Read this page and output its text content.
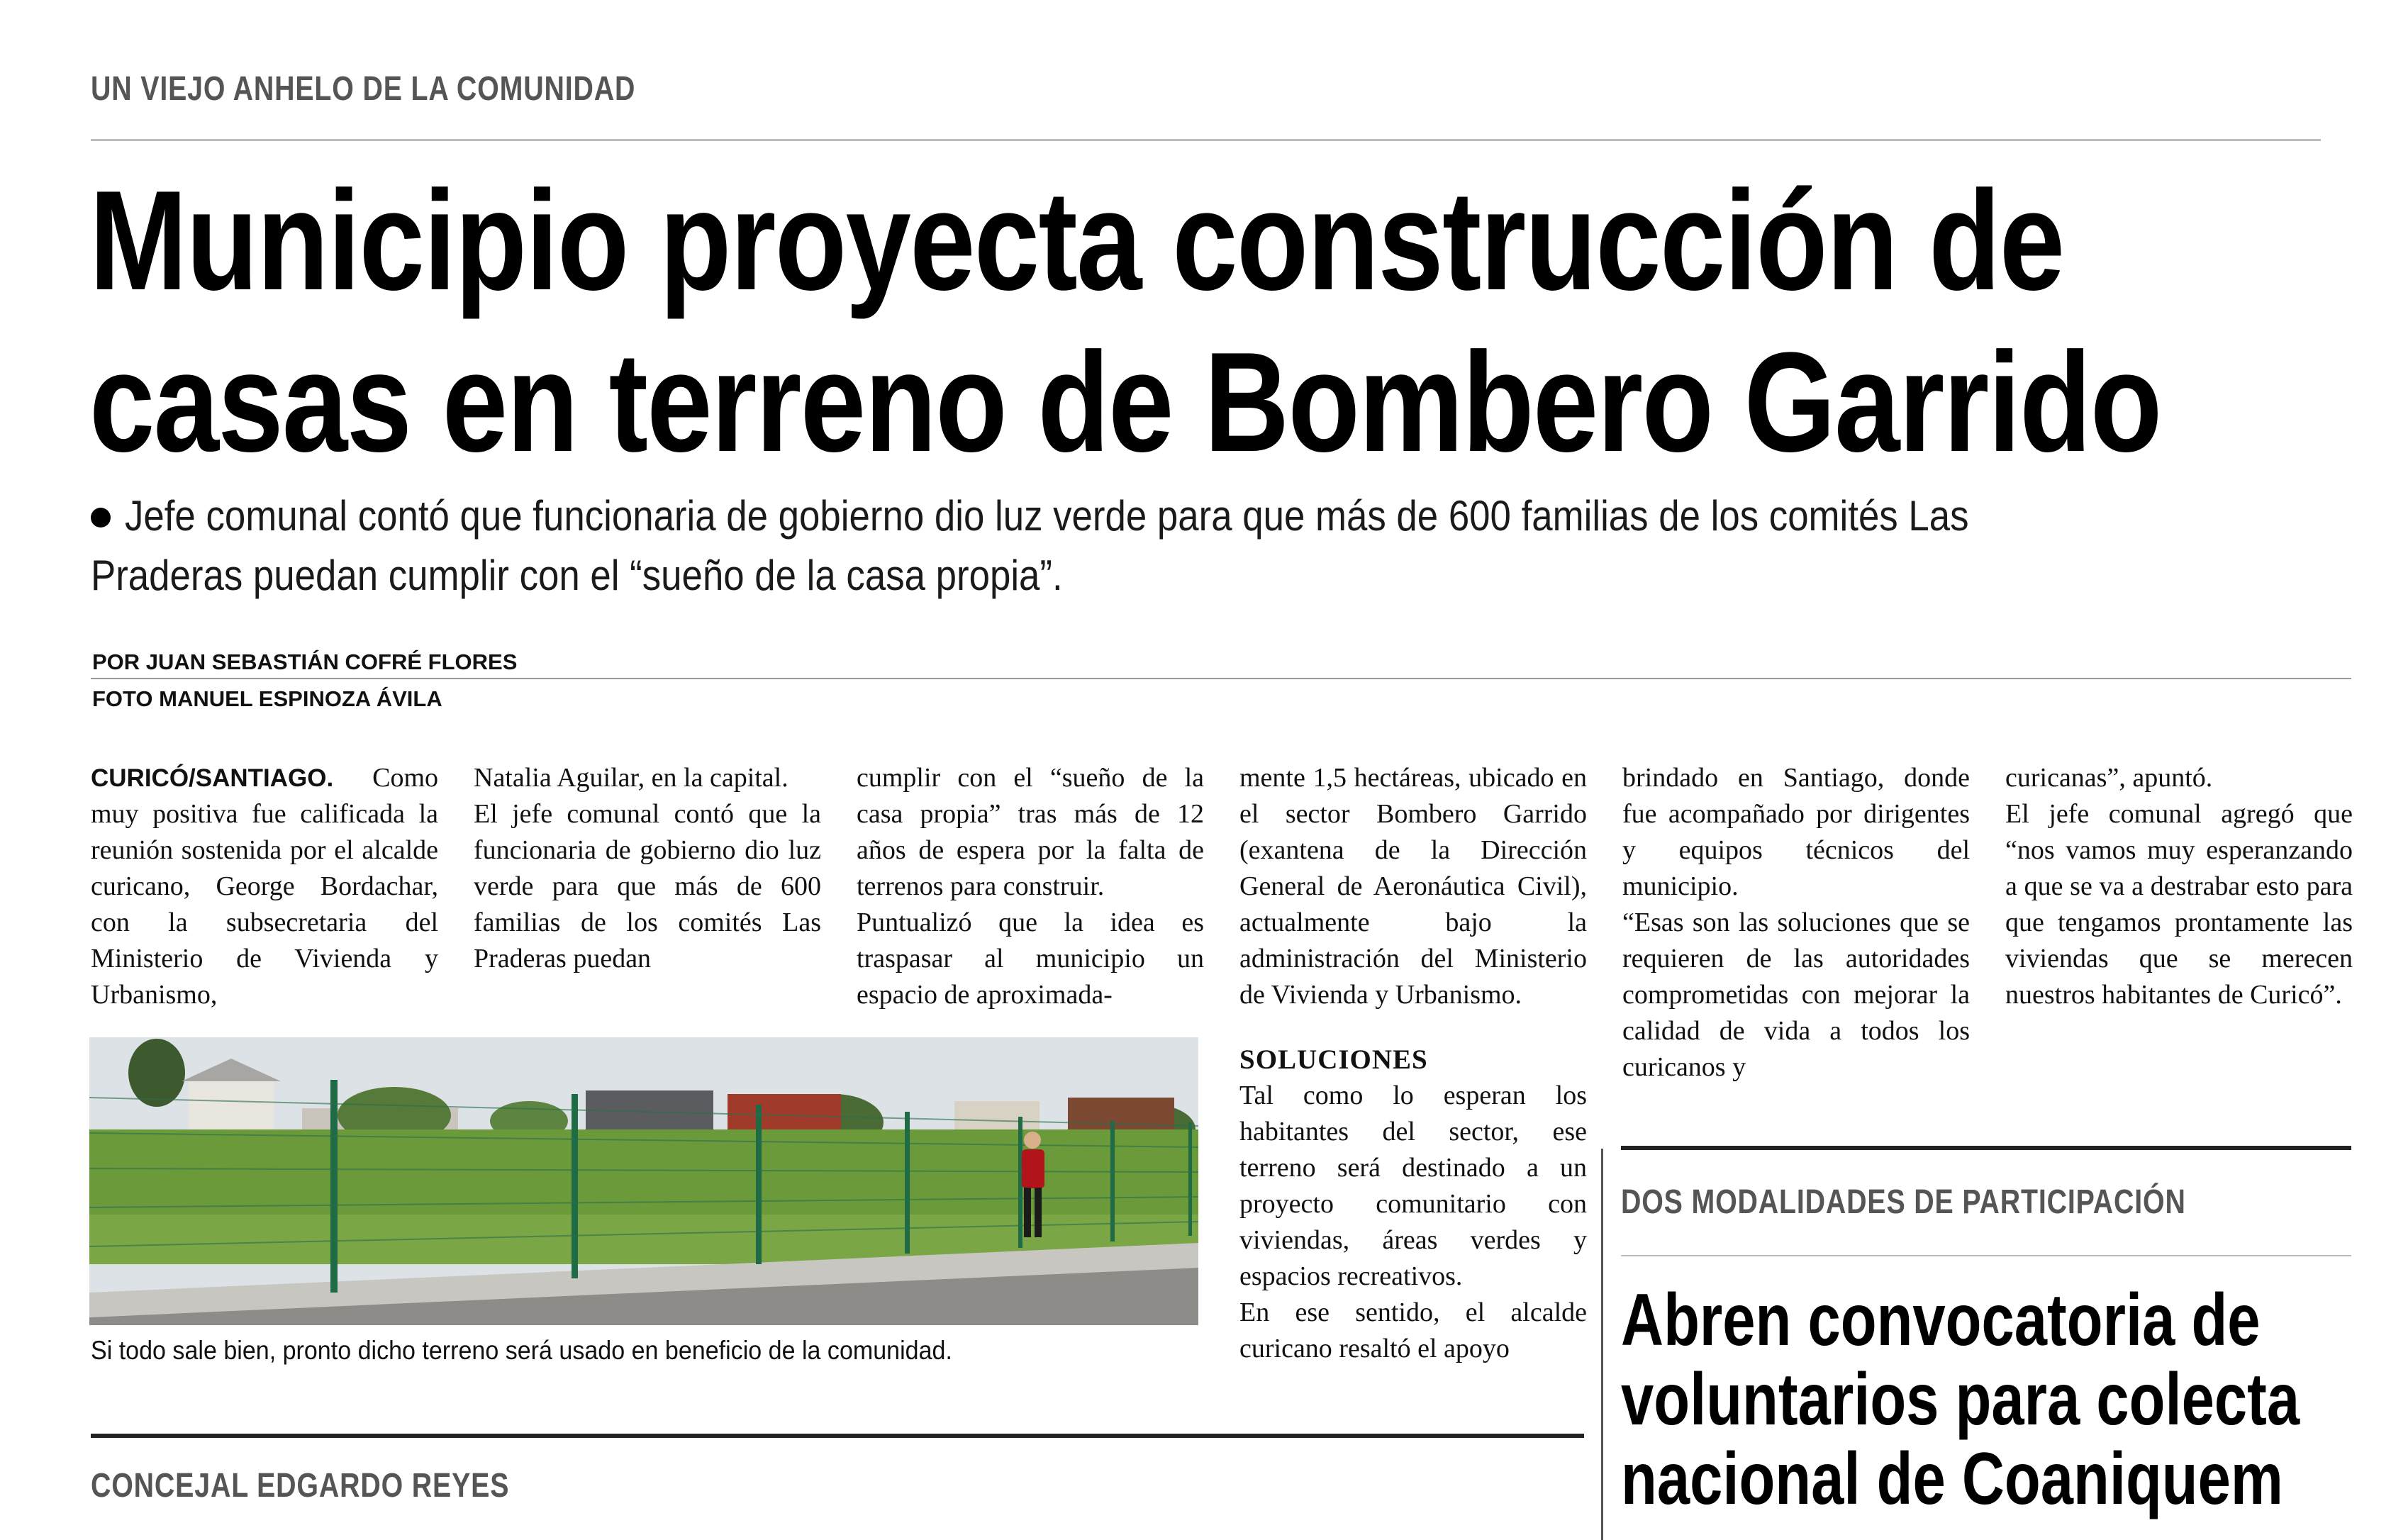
UN VIEJO ANHELO DE LA COMUNIDAD
Municipio proyecta construcción de
casas en terreno de Bombero Garrido
Jefe comunal contó que funcionaria de gobierno dio luz verde para que más de 600 familias de los comités Las
Praderas puedan cumplir con el “sueño de la casa propia”.
POR JUAN SEBASTIÁN COFRÉ FLORES
FOTO MANUEL ESPINOZA ÁVILA

CURICÓ/SANTIAGO. Como muy positiva fue calificada la reunión sostenida por el alcalde curicano, George Bordachar, con la subsecretaria del Ministerio de Vivienda y Urbanismo,

Natalia Aguilar, en la capital.

El jefe comunal contó que la funcionaria de gobierno dio luz verde para que más de 600 familias de los comités Las Praderas puedan

cumplir con el “sueño de la casa propia” tras más de 12 años de espera por la falta de terrenos para construir.

Puntualizó que la idea es traspasar al municipio un espacio de aproximada-

mente 1,5 hectáreas, ubicado en el sector Bombero Garrido (exantena de la Dirección General de Aeronáutica Civil), actualmente bajo la administración del Ministerio de Vivienda y Urbanismo.

SOLUCIONES

Tal como lo esperan los habitantes del sector, ese terreno será destinado a un proyecto comunitario con viviendas, áreas verdes y espacios recreativos.

En ese sentido, el alcalde curicano resaltó el apoyo

brindado en Santiago, donde fue acompañado por dirigentes y equipos técnicos del municipio.

“Esas son las soluciones que se requieren de las autoridades comprometidas con mejorar la calidad de vida a todos los curicanos y

curicanas”, apuntó.

El jefe comunal agregó que “nos vamos muy esperanzando a que se va a destrabar esto para que tengamos prontamente las viviendas que se merecen nuestros habitantes de Curicó”.

Si todo sale bien, pronto dicho terreno será usado en beneficio de la comunidad.
CONCEJAL EDGARDO REYES
DOS MODALIDADES DE PARTICIPACIÓN
Abren convocatoria de
voluntarios para colecta
nacional de Coaniquem
